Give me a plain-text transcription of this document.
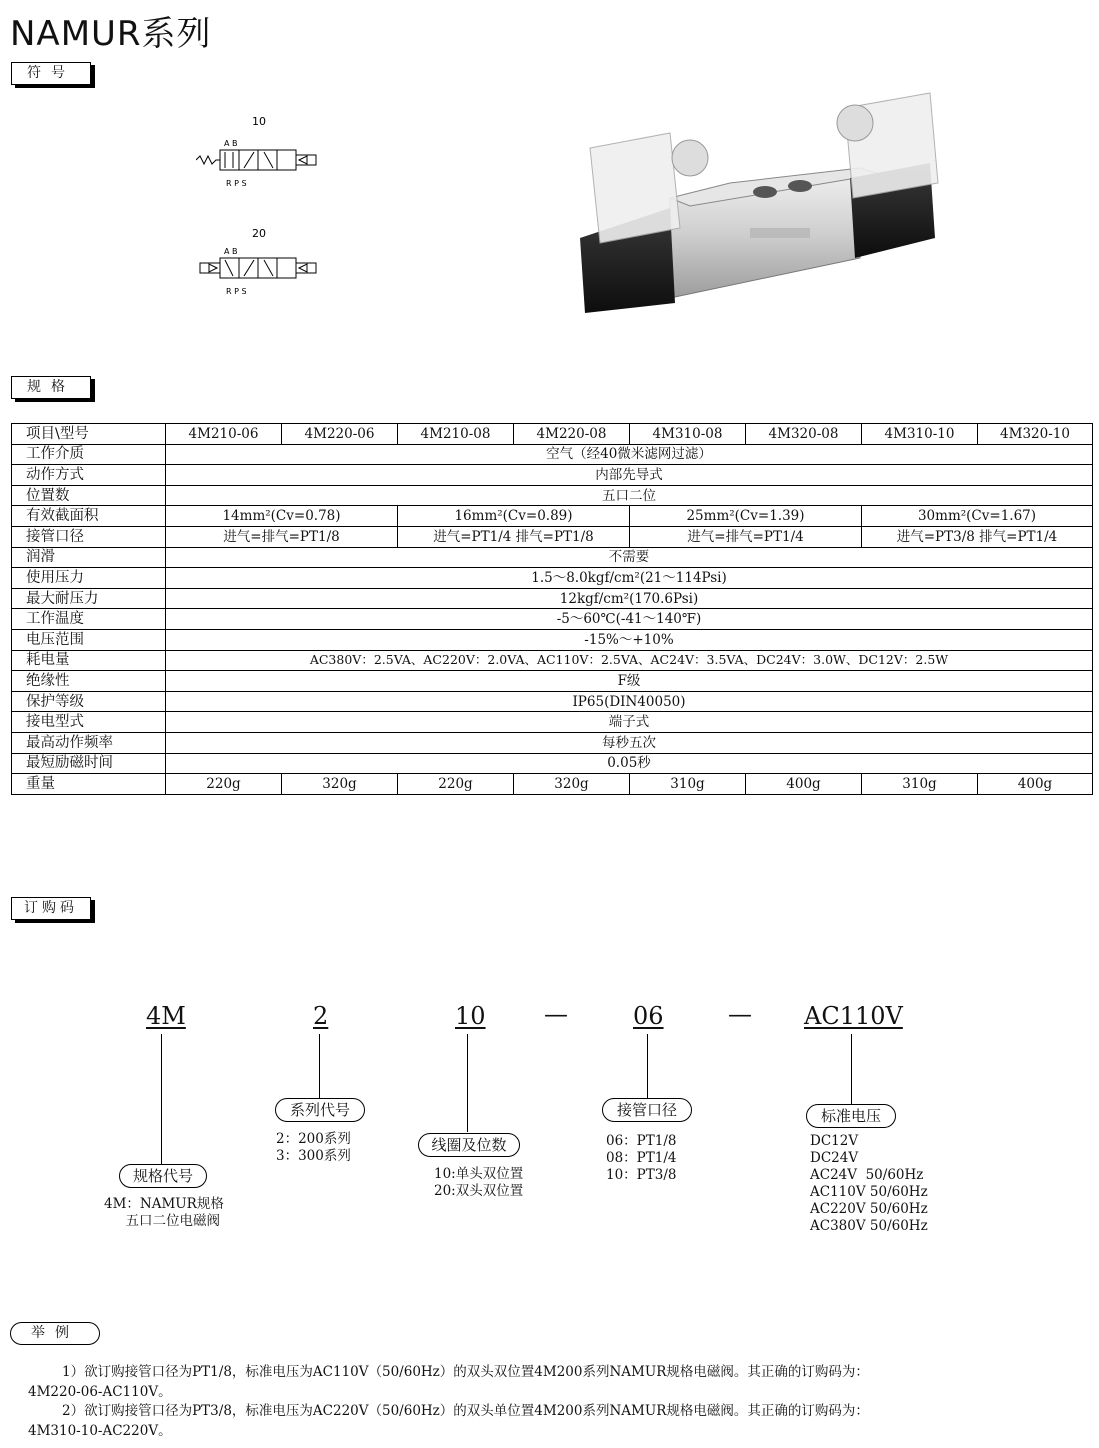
NAMUR系列
符号
规格
订购码
举例
10
A B
R P S
20
A B
R P S
项目\型号	4M210-06	4M220-06	4M210-08	4M220-08	4M310-08	4M320-08	4M310-10	4M320-10
工作介质	空气（经40微米滤网过滤）							
动作方式	内部先导式							
位置数	五口二位							
有效截面积	14mm²(Cv=0.78)		16mm²(Cv=0.89)		25mm²(Cv=1.39)		30mm²(Cv=1.67)	
接管口径	进气=排气=PT1/8		进气=PT1/4 排气=PT1/8		进气=排气=PT1/4		进气=PT3/8 排气=PT1/4	
润滑	不需要							
使用压力	1.5～8.0kgf/cm²(21～114Psi)							
最大耐压力	12kgf/cm²(170.6Psi)							
工作温度	-5～60℃(-41～140℉)							
电压范围	-15%～+10%							
耗电量	AC380V：2.5VA、AC220V：2.0VA、AC110V：2.5VA、AC24V：3.5VA、DC24V：3.0W、DC12V：2.5W							
绝缘性	F级							
保护等级	IP65(DIN40050)							
接电型式	端子式							
最高动作频率	每秒五次							
最短励磁时间	0.05秒							
重量	220g	320g	220g	320g	310g	400g	310g	400g
4M	2	10 —	06	— AC110V
规格代号
系列代号
线圈及位数
接管口径	标准电压
4M：NAMUR规格
五口二位电磁阀
2：200系列
3：300系列
10:单头双位置
20:双头双位置
06：PT1/8
08：PT1/4
10：PT3/8
DC12V
DC24V
AC24V  50/60Hz
AC110V 50/60Hz
AC220V 50/60Hz
AC380V 50/60Hz
1）欲订购接管口径为PT1/8，标准电压为AC110V（50/60Hz）的双头双位置4M200系列NAMUR规格电磁阀。其正确的订购码为：
4M220-06-AC110V。
2）欲订购接管口径为PT3/8，标准电压为AC220V（50/60Hz）的双头单位置4M200系列NAMUR规格电磁阀。其正确的订购码为：
4M310-10-AC220V。
